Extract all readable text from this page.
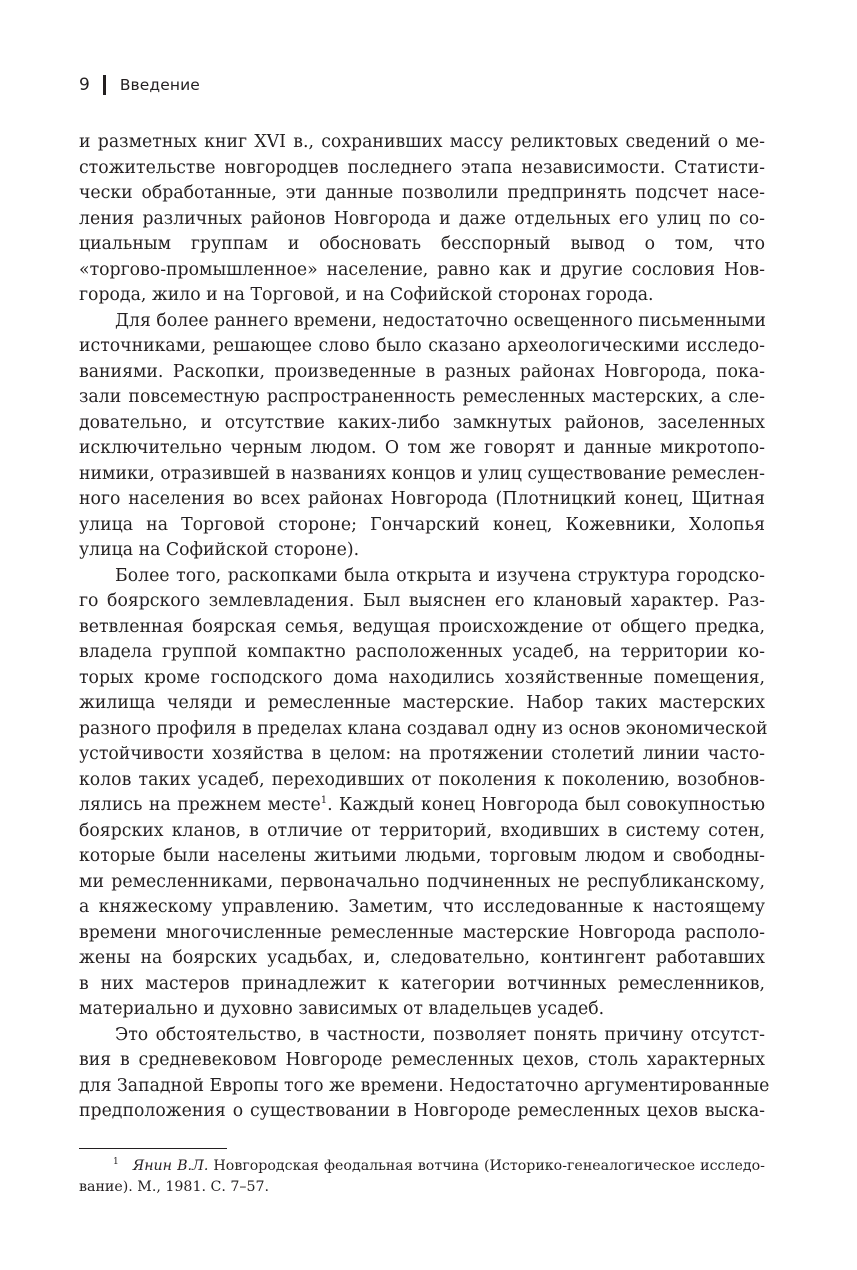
9 Введение
и разметных книг XVI в., сохранивших массу реликтовых сведений о ме-
стожительстве новгородцев последнего этапа независимости. Статисти-
чески обработанные, эти данные позволили предпринять подсчет насе-
ления различных районов Новгорода и даже отдельных его улиц по со-
циальным группам и обосновать бесспорный вывод о том, что
«торгово-промышленное» население, равно как и другие сословия Нов-
города, жило и на Торговой, и на Софийской сторонах города.
Для более раннего времени, недостаточно освещенного письменными
источниками, решающее слово было сказано археологическими исследо-
ваниями. Раскопки, произведенные в разных районах Новгорода, пока-
зали повсеместную распространенность ремесленных мастерских, а сле-
довательно, и отсутствие каких-либо замкнутых районов, заселенных
исключительно черным людом. О том же говорят и данные микротопо-
нимики, отразившей в названиях концов и улиц существование ремеслен-
ного населения во всех районах Новгорода (Плотницкий конец, Щитная
улица на Торговой стороне; Гончарский конец, Кожевники, Холопья
улица на Софийской стороне).
Более того, раскопками была открыта и изучена структура городско-
го боярского землевладения. Был выяснен его клановый характер. Раз-
ветвленная боярская семья, ведущая происхождение от общего предка,
владела группой компактно расположенных усадеб, на территории ко-
торых кроме господского дома находились хозяйственные помещения,
жилища челяди и ремесленные мастерские. Набор таких мастерских
разного профиля в пределах клана создавал одну из основ экономической
устойчивости хозяйства в целом: на протяжении столетий линии часто-
колов таких усадеб, переходивших от поколения к поколению, возобнов-
лялись на прежнем месте$^1$. Каждый конец Новгорода был совокупностью
боярских кланов, в отличие от территорий, входивших в систему сотен,
которые были населены житьими людьми, торговым людом и свободны-
ми ремесленниками, первоначально подчиненных не республиканскому,
а княжескому управлению. Заметим, что исследованные к настоящему
времени многочисленные ремесленные мастерские Новгорода располо-
жены на боярских усадьбах, и, следовательно, контингент работавших
в них мастеров принадлежит к категории вотчинных ремесленников,
материально и духовно зависимых от владельцев усадеб.
Это обстоятельство, в частности, позволяет понять причину отсутст-
вия в средневековом Новгороде ремесленных цехов, столь характерных
для Западной Европы того же времени. Недостаточно аргументированные
предположения о существовании в Новгороде ремесленных цехов выска-
$^1$ Янин В.Л. Новгородская феодальная вотчина (Историко-генеалогическое исследо-
вание). М., 1981. С. 7–57.
